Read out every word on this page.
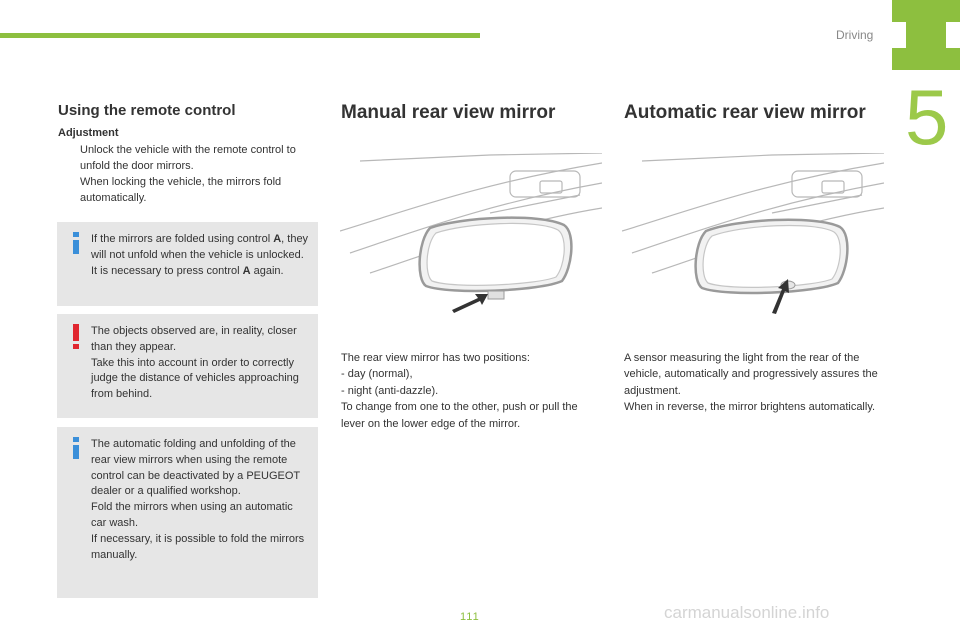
Driving
5
Using the remote control
Adjustment
Unlock the vehicle with the remote control to unfold the door mirrors.
When locking the vehicle, the mirrors fold automatically.
If the mirrors are folded using control A, they will not unfold when the vehicle is unlocked. It is necessary to press control A again.
The objects observed are, in reality, closer than they appear.
Take this into account in order to correctly judge the distance of vehicles approaching from behind.
The automatic folding and unfolding of the rear view mirrors when using the remote control can be deactivated by a PEUGEOT dealer or a qualified workshop.
Fold the mirrors when using an automatic car wash.
If necessary, it is possible to fold the mirrors manually.
Manual rear view mirror
The rear view mirror has two positions:
- day (normal),
- night (anti-dazzle).
To change from one to the other, push or pull the lever on the lower edge of the mirror.
Automatic rear view mirror
A sensor measuring the light from the rear of the vehicle, automatically and progressively assures the adjustment.
When in reverse, the mirror brightens automatically.
111	carmanualsonline.info
